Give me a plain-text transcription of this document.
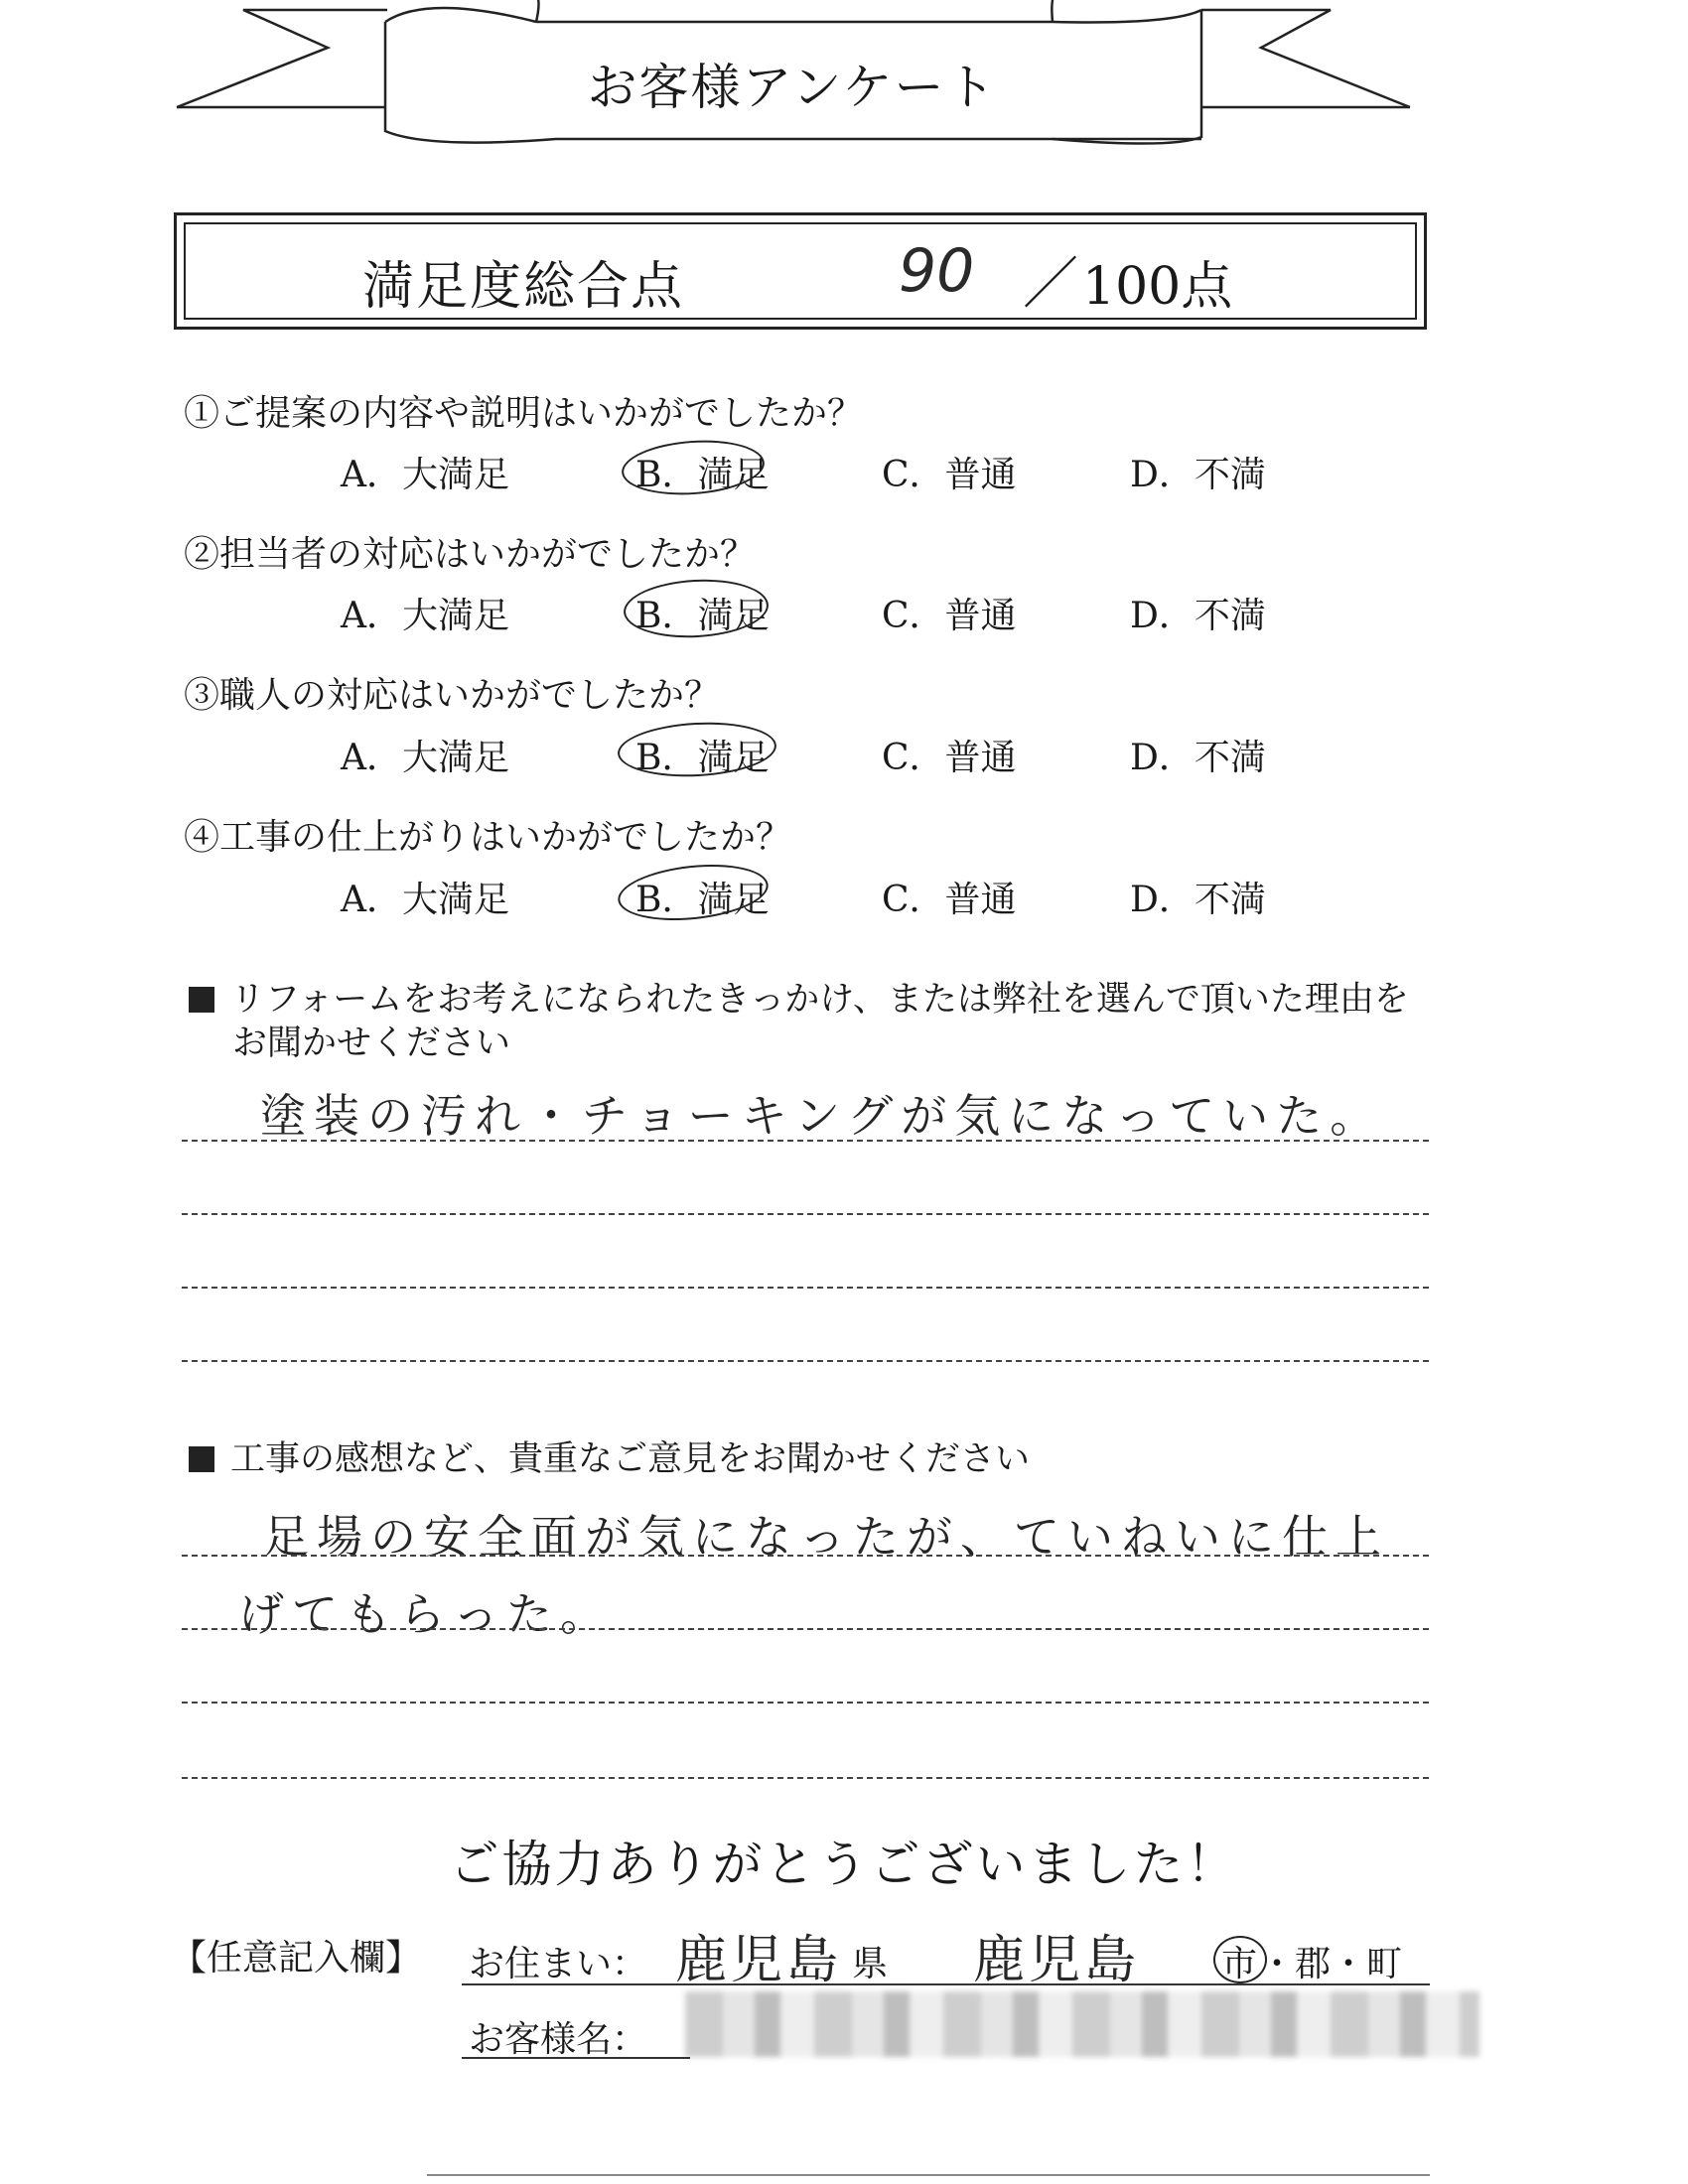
お客様アンケート
満足度総合点	90 ／ 100点
①ご提案の内容や説明はいかがでしたか？
A．大満足	B．満足	C．普通	D．不満
②担当者の対応はいかがでしたか？
A．大満足	B．満足	C．普通	D．不満
③職人の対応はいかがでしたか？
A．大満足	B．満足	C．普通	D．不満
④工事の仕上がりはいかがでしたか？
A．大満足	B．満足	C．普通	D．不満
リフォームをお考えになられたきっかけ、または弊社を選んで頂いた理由を
お聞かせください
塗装の汚れ・チョーキングが気になっていた。
工事の感想など、貴重なご意見をお聞かせください
足場の安全面が気になったが、ていねいに仕上
げてもらった。
ご協力ありがとうございました！
【任意記入欄】 お住まい： 鹿児島 県 鹿児島 市 ・郡・町
お客様名：
